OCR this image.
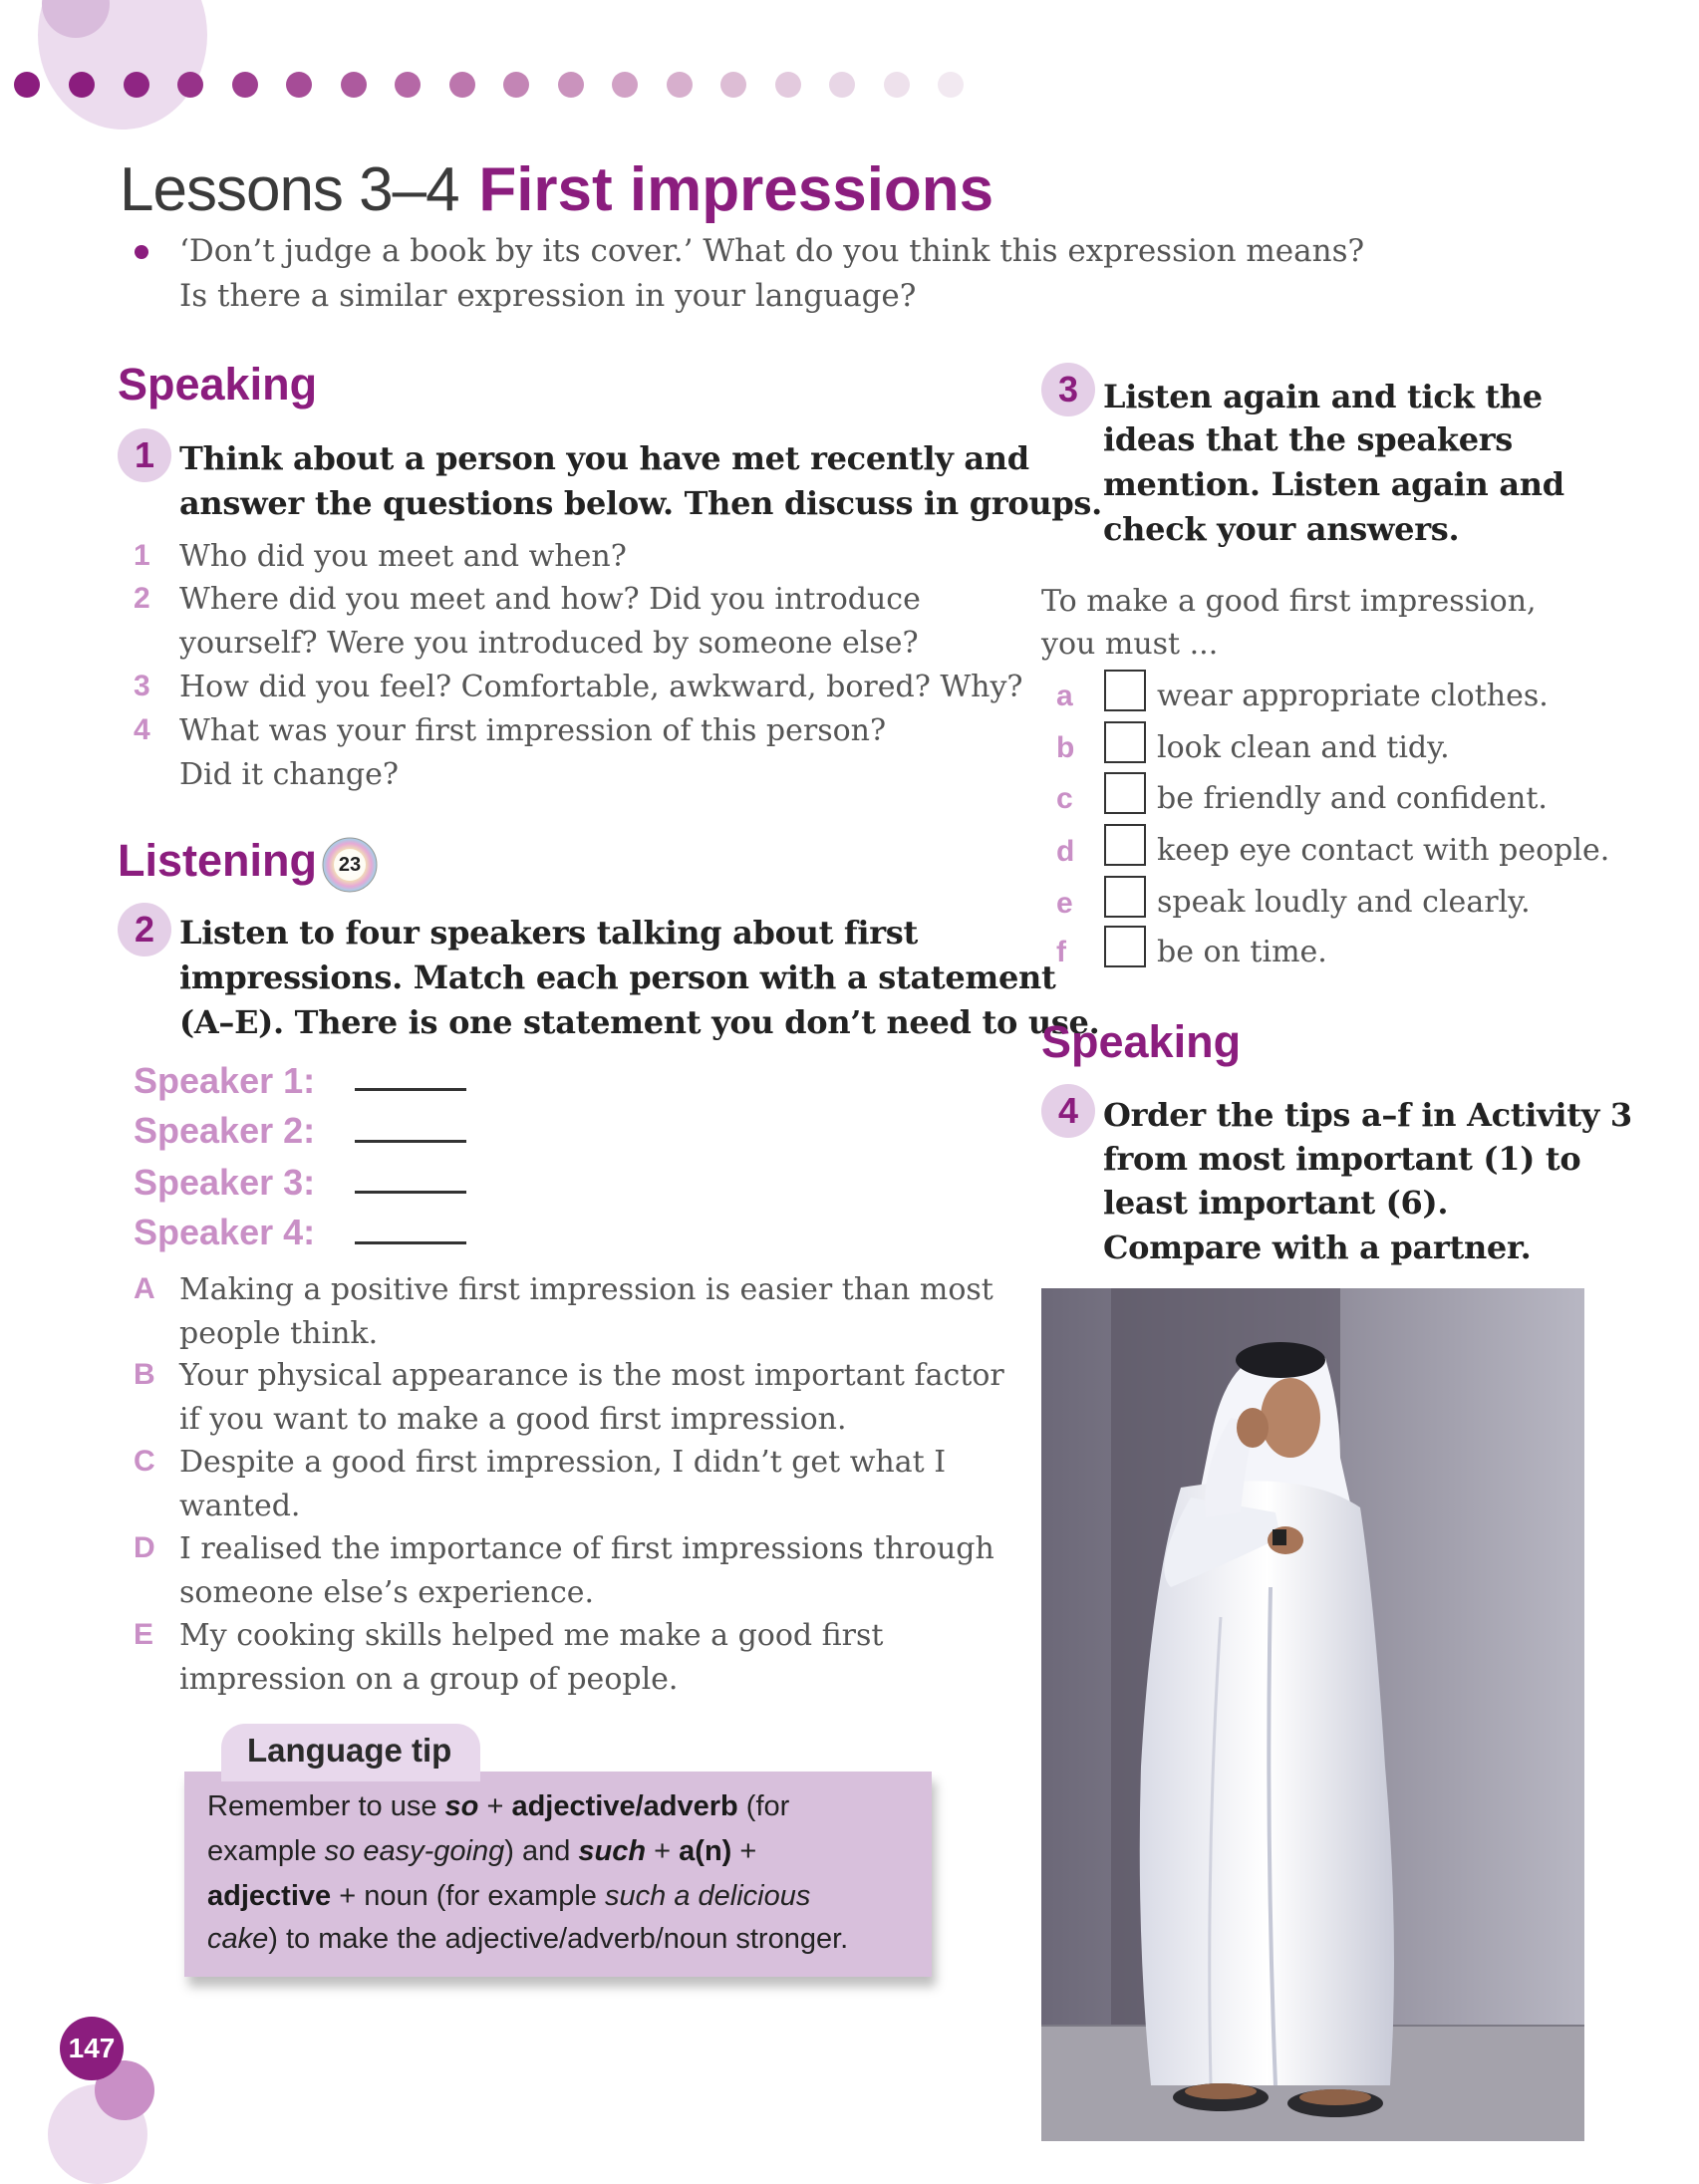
Lessons 3–4 First impressions
‘Don’t judge a book by its cover.’ What do you think this expression means?
Is there a similar expression in your language?
Speaking
1 Think about a person you have met recently and
answer the questions below. Then discuss in groups.
1 Who did you meet and when?
2 Where did you meet and how? Did you introduce
yourself? Were you introduced by someone else?
3 How did you feel? Comfortable, awkward, bored? Why?
4 What was your first impression of this person?
Did it change?
Listening	23
2 Listen to four speakers talking about first
impressions. Match each person with a statement
(A–E). There is one statement you don’t need to use.
Speaker 1:
Speaker 2:
Speaker 3:
Speaker 4:
A Making a positive first impression is easier than most
people think.
B Your physical appearance is the most important factor
if you want to make a good first impression.
C Despite a good first impression, I didn’t get what I
wanted.
D I realised the importance of first impressions through
someone else’s experience.
E My cooking skills helped me make a good first
impression on a group of people.
Language tip
Remember to use so + adjective/adverb (for
example so easy-going) and such + a(n) +
adjective + noun (for example such a delicious
cake) to make the adjective/adverb/noun stronger.
3 Listen again and tick the
ideas that the speakers
mention. Listen again and
check your answers.
To make a good first impression,
you must ...
a	wear appropriate clothes.
b	look clean and tidy.
c	be friendly and confident.
d	keep eye contact with people.
e	speak loudly and clearly.
f	be on time.
Speaking
4 Order the tips a–f in Activity 3
from most important (1) to
least important (6).
Compare with a partner.
147
